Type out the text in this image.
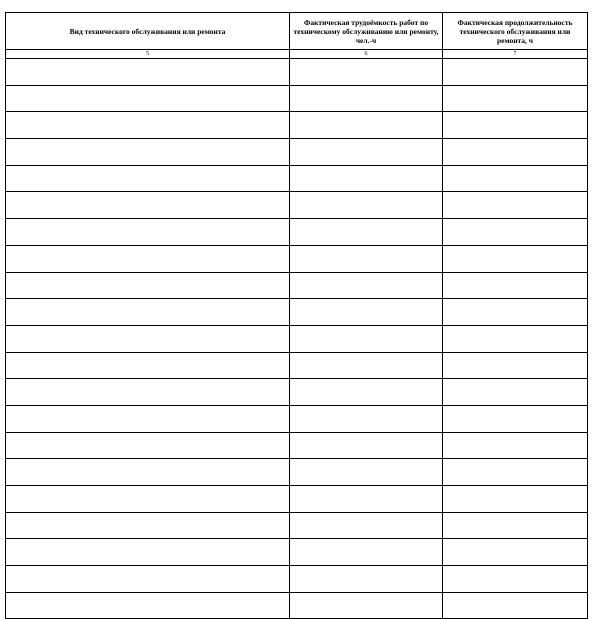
Вид технического обслуживания или ремонта	Фактическая трудоёмкость работ по техническому обслуживанию или ремонту, чел.-ч	Фактическая продолжительность технического обслуживания или ремонта, ч
5	6	7
